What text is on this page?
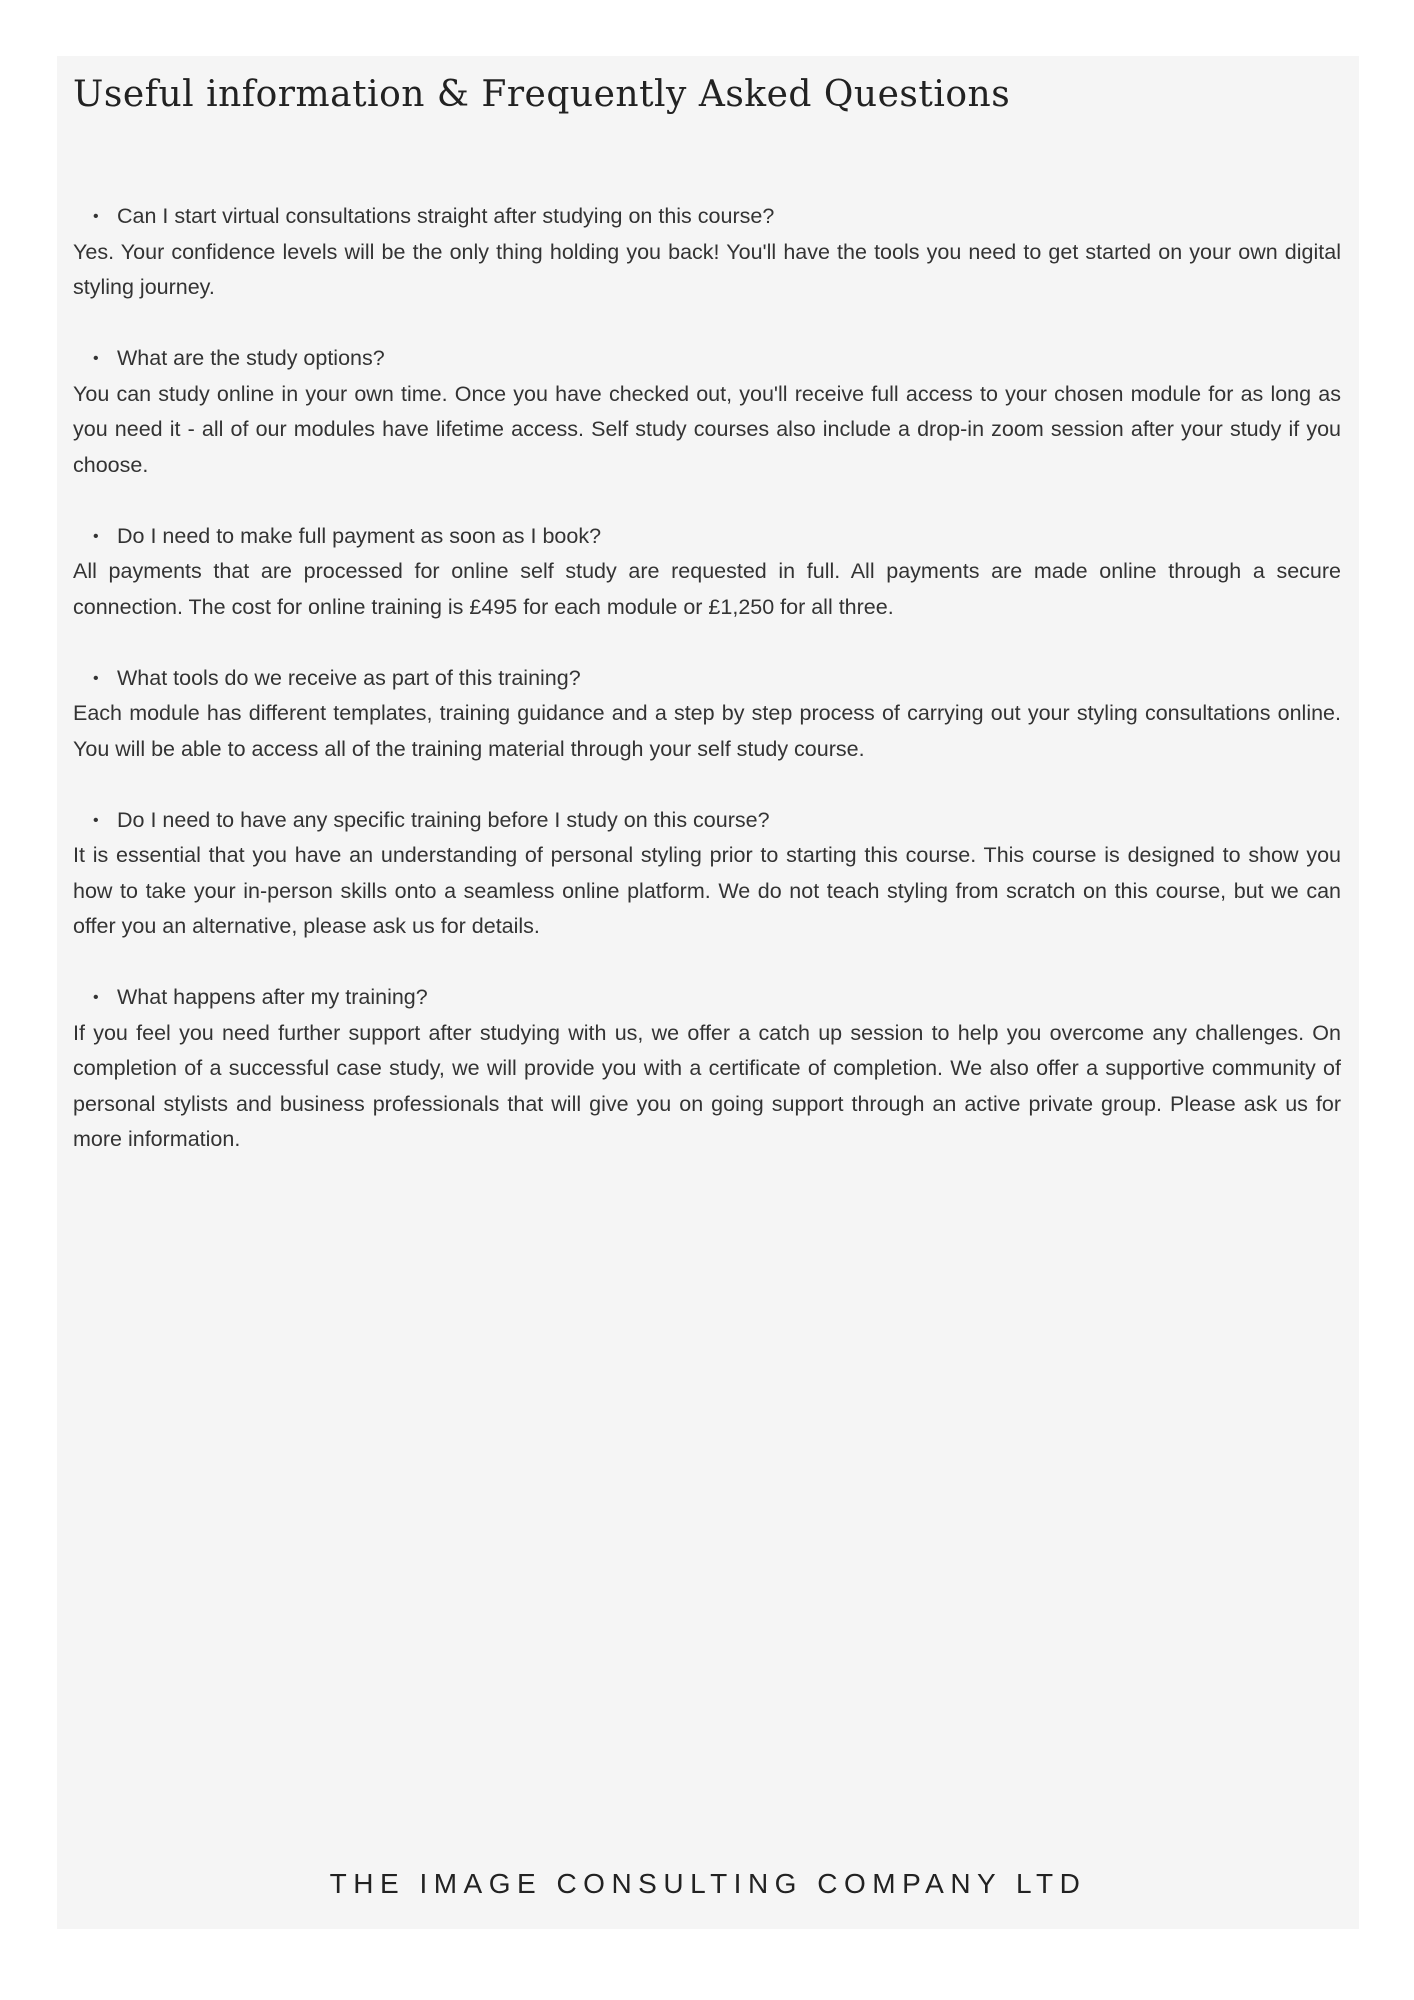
Useful information & Frequently Asked Questions

• Can I start virtual consultations straight after studying on this course?

Yes. Your confidence levels will be the only thing holding you back! You'll have the tools you need to get started on your own digital styling journey.

• What are the study options?

You can study online in your own time. Once you have checked out, you'll receive full access to your chosen module for as long as you need it - all of our modules have lifetime access. Self study courses also include a drop-in zoom session after your study if you choose.

• Do I need to make full payment as soon as I book?

All payments that are processed for online self study are requested in full. All payments are made online through a secure connection. The cost for online training is £495 for each module or £1,250 for all three.

• What tools do we receive as part of this training?

Each module has different templates, training guidance and a step by step process of carrying out your styling consultations online. You will be able to access all of the training material through your self study course.

• Do I need to have any specific training before I study on this course?

It is essential that you have an understanding of personal styling prior to starting this course. This course is designed to show you how to take your in-person skills onto a seamless online platform. We do not teach styling from scratch on this course, but we can offer you an alternative, please ask us for details.

• What happens after my training?

If you feel you need further support after studying with us, we offer a catch up session to help you overcome any challenges. On completion of a successful case study, we will provide you with a certificate of completion. We also offer a supportive community of personal stylists and business professionals that will give you on going support through an active private group. Please ask us for more information.

THE IMAGE CONSULTING COMPANY LTD
